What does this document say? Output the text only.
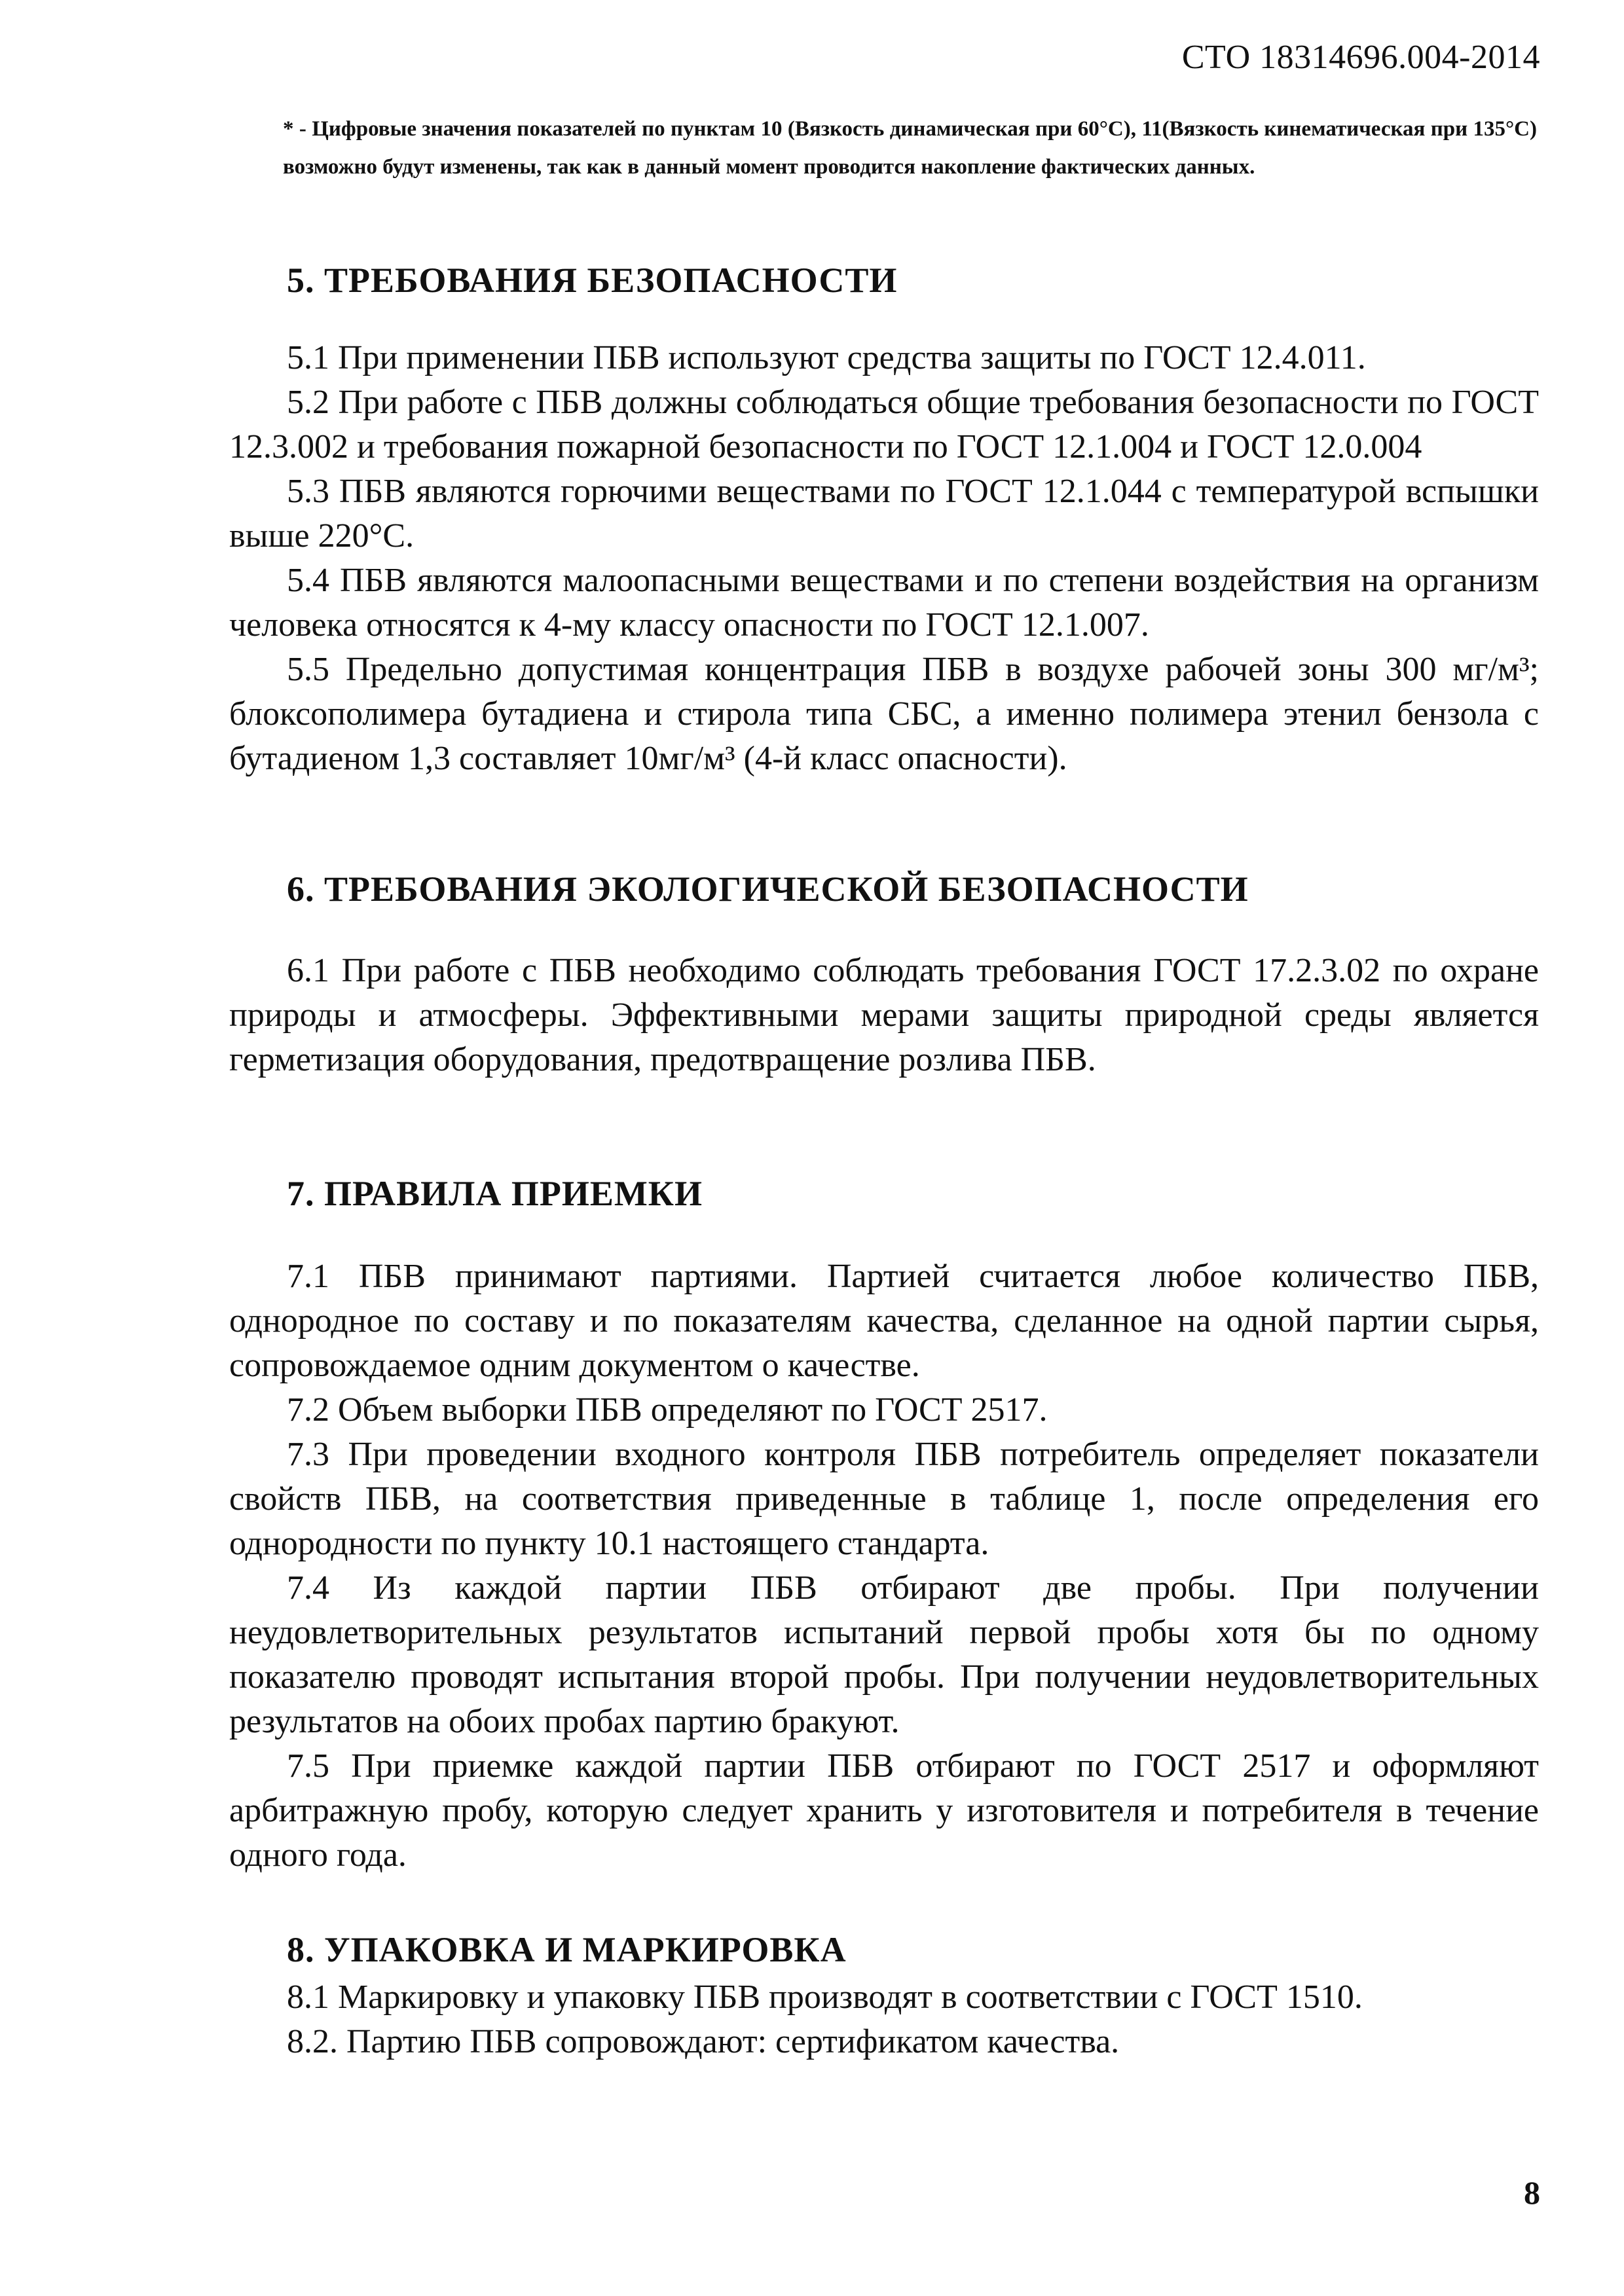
СТО 18314696.004-2014
* - Цифровые значения показателей по пунктам 10 (Вязкость динамическая при 60°С), 11(Вязкость кинематическая при 135°С) возможно будут изменены, так как в данный момент проводится накопление фактических данных.
5. ТРЕБОВАНИЯ БЕЗОПАСНОСТИ

5.1 При применении ПБВ используют средства защиты по ГОСТ 12.4.011.

5.2 При работе с ПБВ должны соблюдаться общие требования безопасности по ГОСТ 12.3.002 и требования пожарной безопасности по ГОСТ 12.1.004 и ГОСТ 12.0.004

5.3 ПБВ являются горючими веществами по ГОСТ 12.1.044 с температурой вспышки выше 220°С.

5.4 ПБВ являются малоопасными веществами и по степени воздействия на организм человека относятся к 4-му классу опасности по ГОСТ 12.1.007.

5.5 Предельно допустимая концентрация ПБВ в воздухе рабочей зоны 300 мг/м³; блоксополимера бутадиена и стирола типа СБС, а именно полимера этенил бензола с бутадиеном 1,3 составляет 10мг/м³ (4-й класс опасности).

6. ТРЕБОВАНИЯ ЭКОЛОГИЧЕСКОЙ БЕЗОПАСНОСТИ

6.1 При работе с ПБВ необходимо соблюдать требования ГОСТ 17.2.3.02 по охране природы и атмосферы. Эффективными мерами защиты природной среды является герметизация оборудования, предотвращение розлива ПБВ.

7. ПРАВИЛА ПРИЕМКИ

7.1 ПБВ принимают партиями. Партией считается любое количество ПБВ, однородное по составу и по показателям качества, сделанное на одной партии сырья, сопровождаемое одним документом о качестве.

7.2 Объем выборки ПБВ определяют по ГОСТ 2517.

7.3 При проведении входного контроля ПБВ потребитель определяет показатели свойств ПБВ, на соответствия приведенные в таблице 1, после определения его однородности по пункту 10.1 настоящего стандарта.

7.4 Из каждой партии ПБВ отбирают две пробы. При получении неудовлетворительных результатов испытаний первой пробы хотя бы по одному показателю проводят испытания второй пробы. При получении неудовлетворительных результатов на обоих пробах партию бракуют.

7.5 При приемке каждой партии ПБВ отбирают по ГОСТ 2517 и оформляют арбитражную пробу, которую следует хранить у изготовителя и потребителя в течение одного года.

8. УПАКОВКА И МАРКИРОВКА

8.1 Маркировку и упаковку ПБВ производят в соответствии с ГОСТ 1510.

8.2. Партию ПБВ сопровождают: сертификатом качества.

8
